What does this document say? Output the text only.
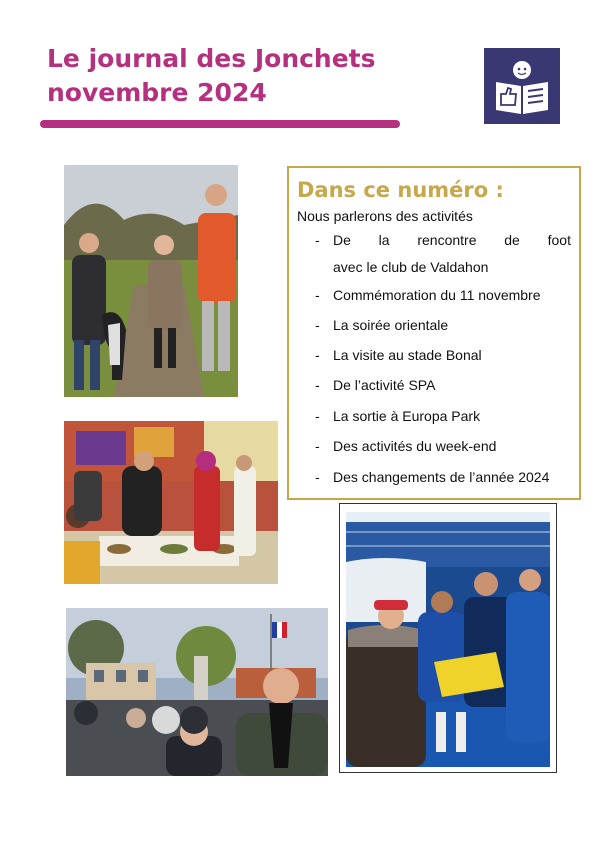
Le journal des Jonchets
novembre 2024
Dans ce numéro :
Nous parlerons des activités
- De la rencontre de foot
avec le club de Valdahon
- Commémoration du 11 novembre
- La soirée orientale
- La visite au stade Bonal
- De l’activité SPA
- La sortie à Europa Park
- Des activités du week-end
- Des changements de l’année 2024
